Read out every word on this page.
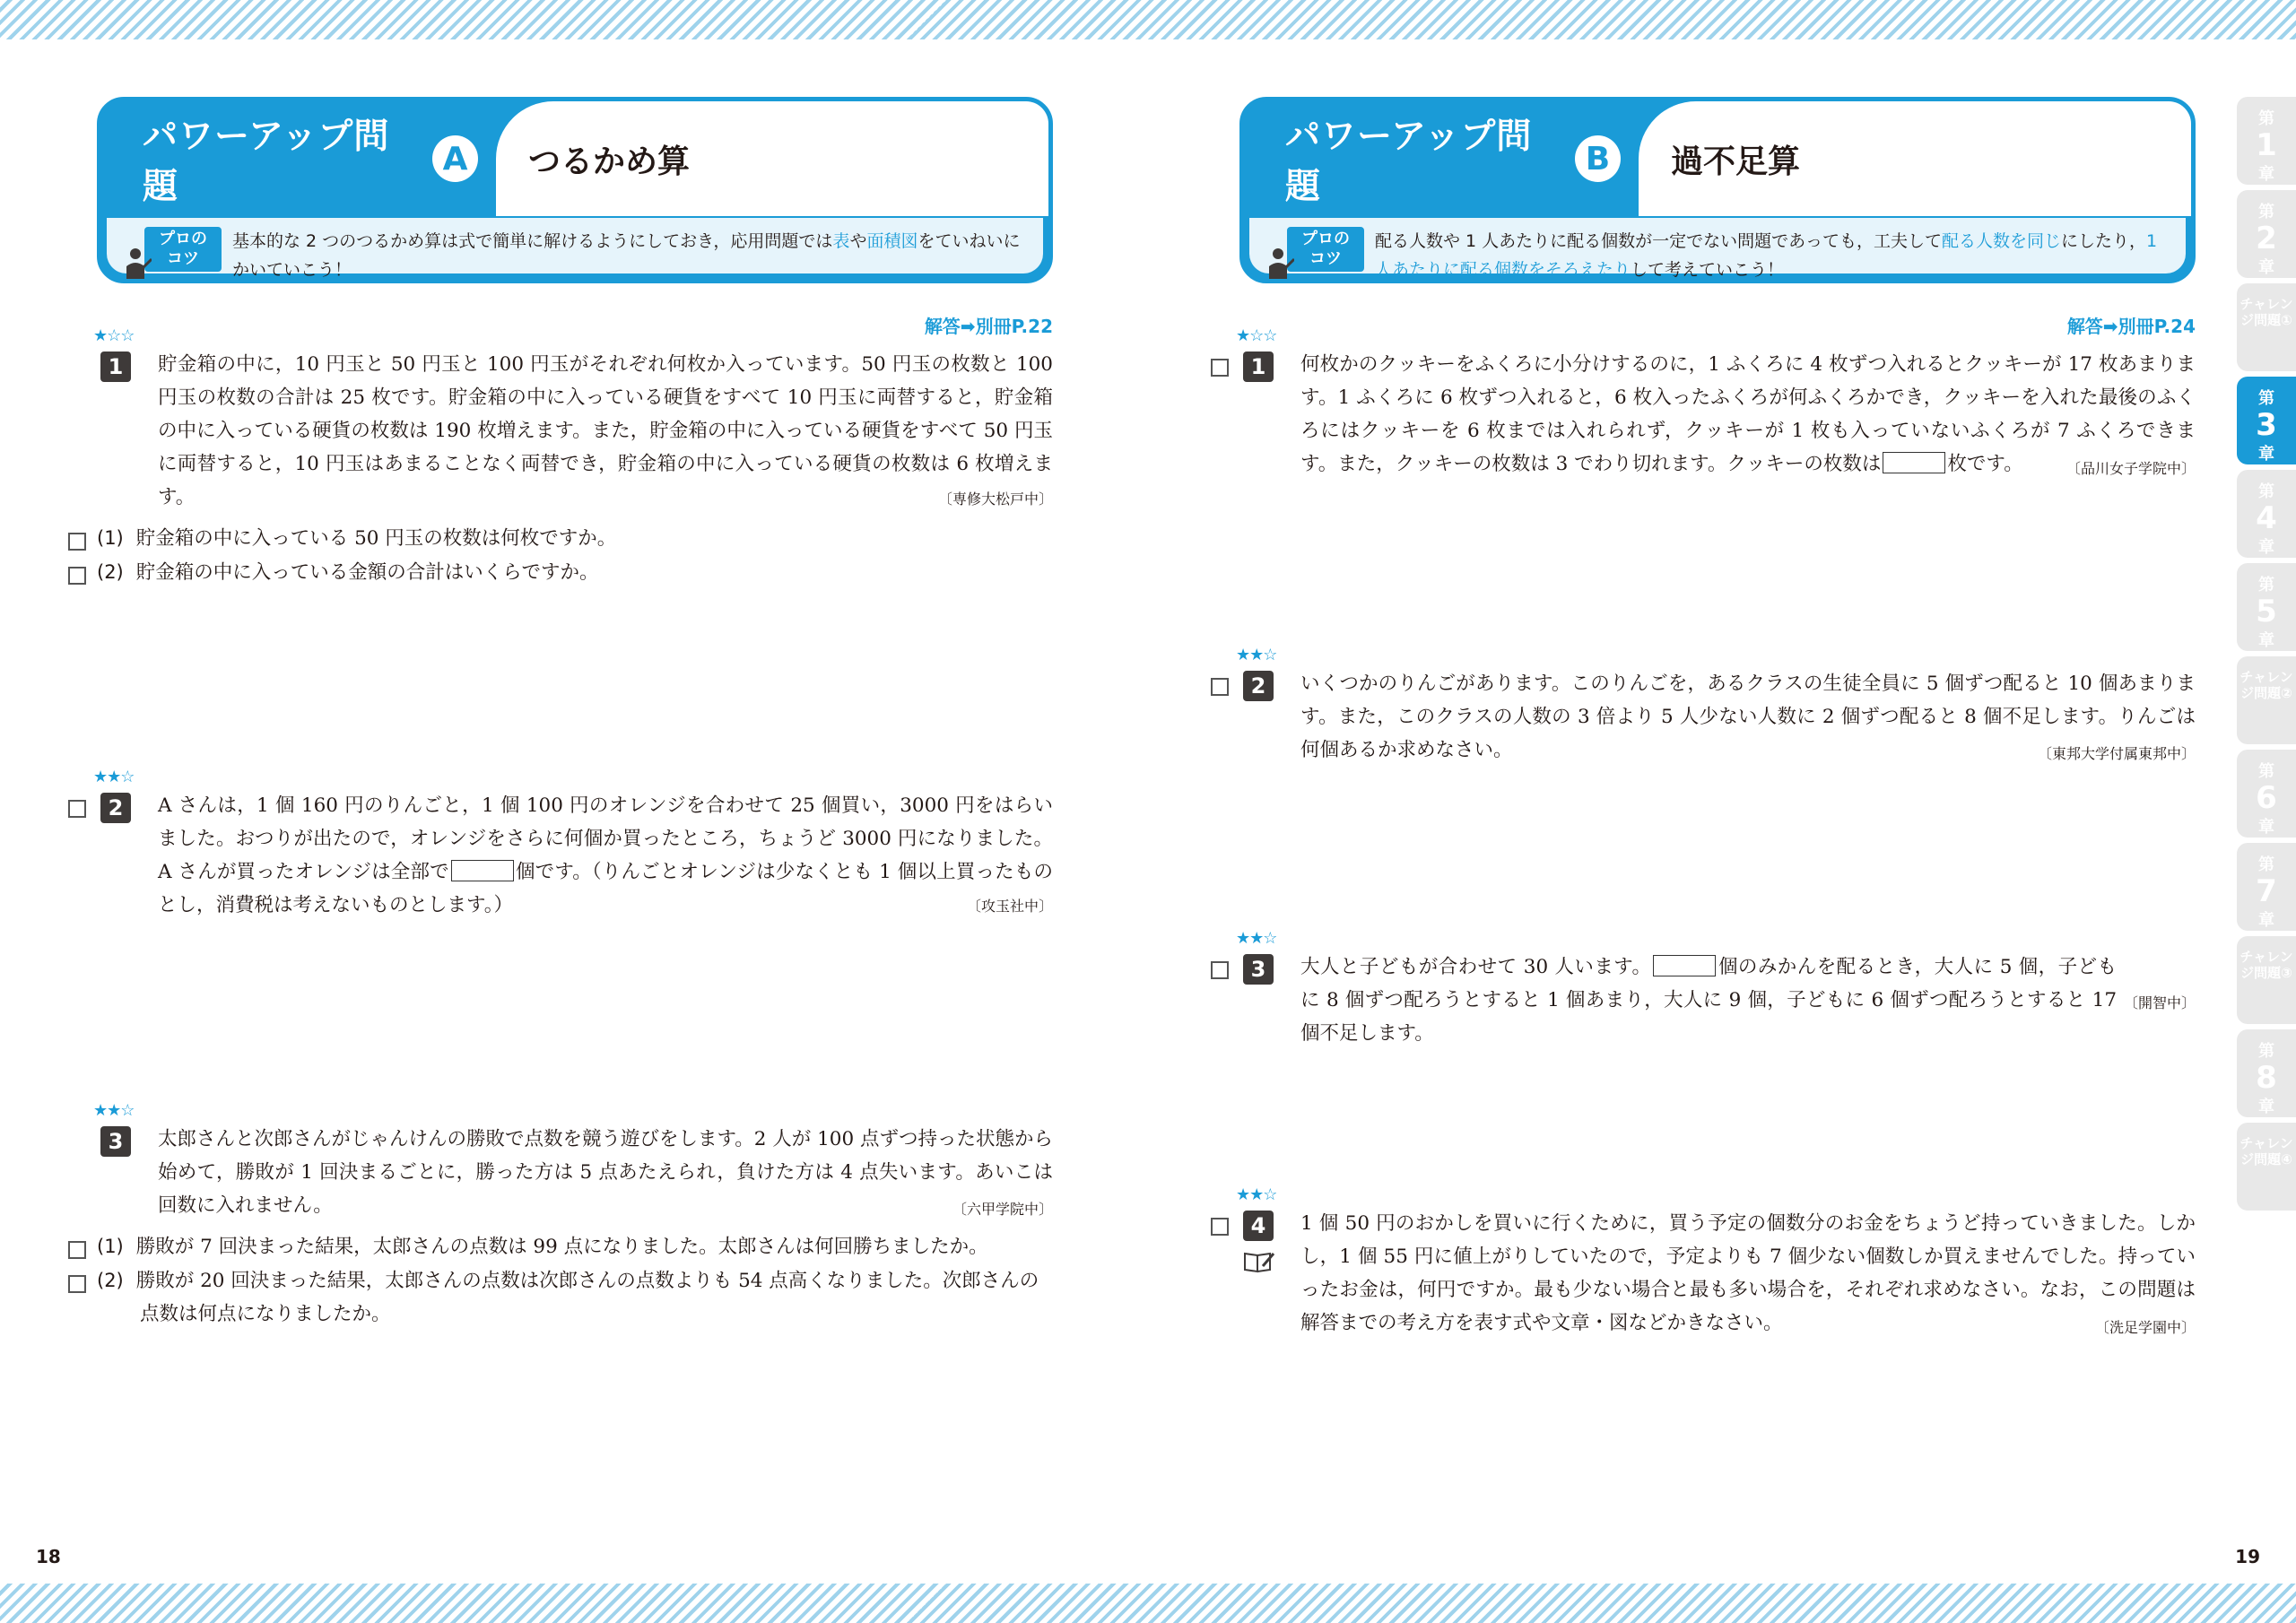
パワーアップ問題
A	つるかめ算
プロの
コツ
基本的な 2 つのつるかめ算は式で簡単に解けるようにしておき，応用問題では表や面積図をていねいにかいていこう！
解答➡別冊P.22
★☆☆
1	貯金箱の中に，10 円玉と 50 円玉と 100 円玉がそれぞれ何枚か入っています。50 円玉の枚数と 100 円玉の枚数の合計は 25 枚です。貯金箱の中に入っている硬貨をすべて 10 円玉に両替すると，貯金箱の中に入っている硬貨の枚数は 190 枚増えます。また，貯金箱の中に入っている硬貨をすべて 50 円玉に両替すると，10 円玉はあまることなく両替でき，貯金箱の中に入っている硬貨の枚数は 6 枚増えます。	〔専修大松戸中〕
(1) 貯金箱の中に入っている 50 円玉の枚数は何枚ですか。
(2) 貯金箱の中に入っている金額の合計はいくらですか。
★★☆
2	A さんは，1 個 160 円のりんごと，1 個 100 円のオレンジを合わせて 25 個買い，3000 円をはらいました。おつりが出たので，オレンジをさらに何個か買ったところ，ちょうど 3000 円になりました。A さんが買ったオレンジは全部で	個です。（りんごとオレンジは少なくとも 1 個以上買ったものとし，消費税は考えないものとします。）	〔攻玉社中〕
★★☆
3	太郎さんと次郎さんがじゃんけんの勝敗で点数を競う遊びをします。2 人が 100 点ずつ持った状態から始めて，勝敗が 1 回決まるごとに，勝った方は 5 点あたえられ，負けた方は 4 点失います。あいこは回数に入れません。	〔六甲学院中〕
(1) 勝敗が 7 回決まった結果，太郎さんの点数は 99 点になりました。太郎さんは何回勝ちましたか。
(2) 勝敗が 20 回決まった結果，太郎さんの点数は次郎さんの点数よりも 54 点高くなりました。次郎さんの点数は何点になりましたか。
18
パワーアップ問題
B	過不足算
プロの
コツ
配る人数や 1 人あたりに配る個数が一定でない問題であっても，工夫して配る人数を同じにしたり，1 人あたりに配る個数をそろえたりして考えていこう！
解答➡別冊P.24
★☆☆
1	何枚かのクッキーをふくろに小分けするのに，1 ふくろに 4 枚ずつ入れるとクッキーが 17 枚あまります。1 ふくろに 6 枚ずつ入れると，6 枚入ったふくろが何ふくろかでき，クッキーを入れた最後のふくろにはクッキーを 6 枚までは入れられず，クッキーが 1 枚も入っていないふくろが 7 ふくろできます。また，クッキーの枚数は 3 でわり切れます。クッキーの枚数は	枚です。	〔品川女子学院中〕
★★☆
2	いくつかのりんごがあります。このりんごを，あるクラスの生徒全員に 5 個ずつ配ると 10 個あまります。また，このクラスの人数の 3 倍より 5 人少ない人数に 2 個ずつ配ると 8 個不足します。りんごは何個あるか求めなさい。	〔東邦大学付属東邦中〕
★★☆
3	大人と子どもが合わせて 30 人います。	個のみかんを配るとき，大人に 5 個，子どもに 8 個ずつ配ろうとすると 1 個あまり，大人に 9 個，子どもに 6 個ずつ配ろうとすると 17 個不足します。
〔開智中〕
★★☆
4	1 個 50 円のおかしを買いに行くために，買う予定の個数分のお金をちょうど持っていきました。しかし，1 個 55 円に値上がりしていたので，予定よりも 7 個少ない個数しか買えませんでした。持っていったお金は，何円ですか。最も少ない場合と最も多い場合を，それぞれ求めなさい。なお，この問題は解答までの考え方を表す式や文章・図などかきなさい。	〔洗足学園中〕
19
第
1
章
第
2
章
チャレンジ問題①
第
3
章
第
4
章
第
5
章
チャレンジ問題②
第
6
章
第
7
章
チャレンジ問題③
第
8
章
チャレンジ問題④
